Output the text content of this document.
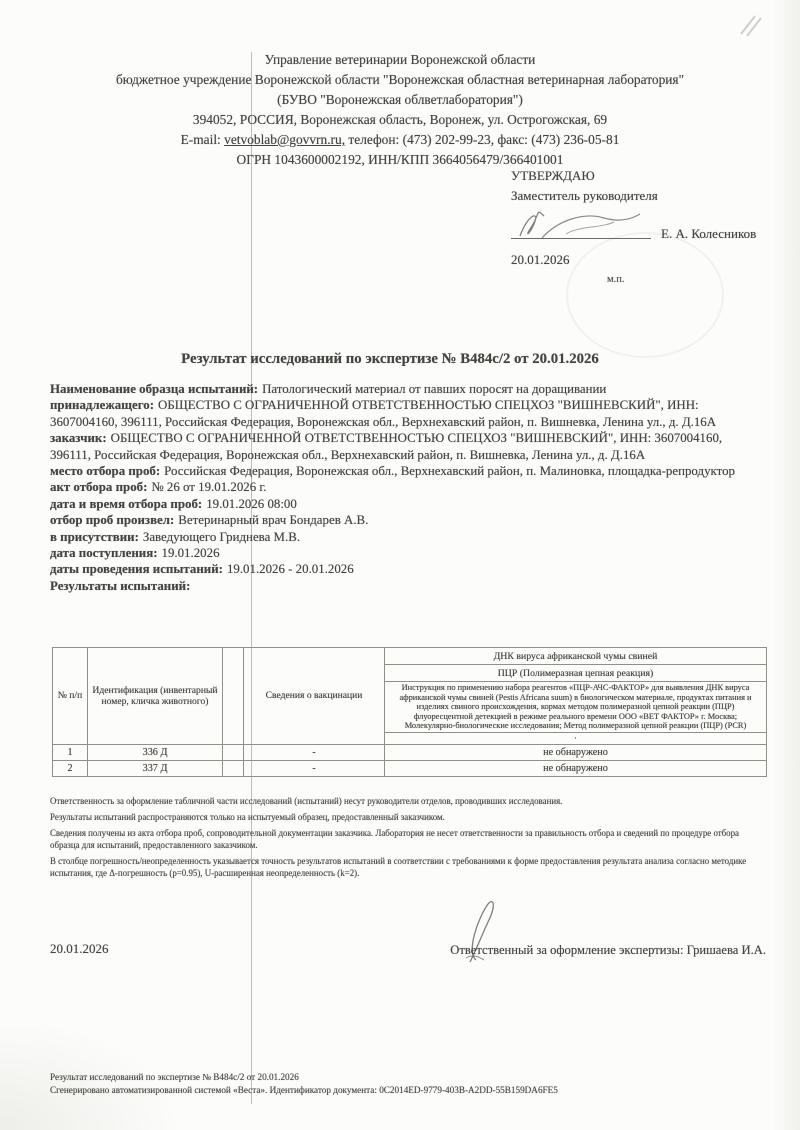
Управление ветеринарии Воронежской области
бюджетное учреждение Воронежской области "Воронежская областная ветеринарная лаборатория"
(БУВО "Воронежская облветлаборатория")
394052, РОССИЯ, Воронежская область, Воронеж, ул. Острогожская, 69
E-mail: vetvoblab@govvrn.ru, телефон: (473) 202-99-23, факс: (473) 236-05-81
ОГРН 1043600002192, ИНН/КПП 3664056479/366401001
УТВЕРЖДАЮ
Заместитель руководителя
Е. А. Колесников
20.01.2026
м.п.
Результат исследований по экспертизе № В484с/2 от 20.01.2026
Наименование образца испытаний: Патологический материал от павших поросят на доращивании
принадлежащего: ОБЩЕСТВО С ОГРАНИЧЕННОЙ ОТВЕТСТВЕННОСТЬЮ СПЕЦХОЗ "ВИШНЕВСКИЙ", ИНН: 3607004160, 396111, Российская Федерация, Воронежская обл., Верхнехавский район, п. Вишневка, Ленина ул., д. Д.16А
заказчик: ОБЩЕСТВО С ОГРАНИЧЕННОЙ ОТВЕТСТВЕННОСТЬЮ СПЕЦХОЗ "ВИШНЕВСКИЙ", ИНН: 3607004160, 396111, Российская Федерация, Воронежская обл., Верхнехавский район, п. Вишневка, Ленина ул., д. Д.16А
место отбора проб: Российская Федерация, Воронежская обл., Верхнехавский район, п. Малиновка, площадка-репродуктор
акт отбора проб: № 26 от 19.01.2026 г.
дата и время отбора проб: 19.01.2026 08:00
отбор проб произвел: Ветеринарный врач Бондарев А.В.
в присутствии: Заведующего Гриднева М.В.
дата поступления: 19.01.2026
даты проведения испытаний: 19.01.2026 - 20.01.2026
Результаты испытаний:
№ п/п	Идентификация (инвентарный номер, кличка животного)		Сведения о вакцинации	ДНК вируса африканской чумы свиней
				ПЦР (Полимеразная цепная реакция)
				Инструкция по применению набора реагентов «ПЦР-АЧС-ФАКТОР» для выявления ДНК вируса африканской чумы свиней (Pestis Africana suum) в биологическом материале, продуктах питания и изделиях свиного происхождения, кормах методом полимеразной цепной реакции (ПЦР) флуоресцентной детекцией в режиме реального времени ООО «ВЕТ ФАКТОР» г. Москва; Молекулярно-биологические исследования; Метод полимеразной цепной реакции (ПЦР) (PCR)
				·
1	336 Д		-	не обнаружено
2	337 Д		-	не обнаружено

Ответственность за оформление табличной части исследований (испытаний) несут руководители отделов, проводивших исследования.

Результаты испытаний распространяются только на испытуемый образец, предоставленный заказчиком.

Сведения получены из акта отбора проб, сопроводительной документации заказчика. Лаборатория не несет ответственности за правильность отбора и сведений по процедуре отбора образца для испытаний, предоставленного заказчиком.

В столбце погрешность/неопределенность указывается точность результатов испытаний в соответствии с требованиями к форме предоставления результата анализа согласно методике испытания, где Δ-погрешность (p=0.95), U-расширенная неопределенность (k=2).

20.01.2026	Ответственный за оформление экспертизы: Гришаева И.А.
Результат исследований по экспертизе № В484с/2 от 20.01.2026
Сгенерировано автоматизированной системой «Веста». Идентификатор документа: 0C2014ED-9779-403B-A2DD-55B159DA6FE5
